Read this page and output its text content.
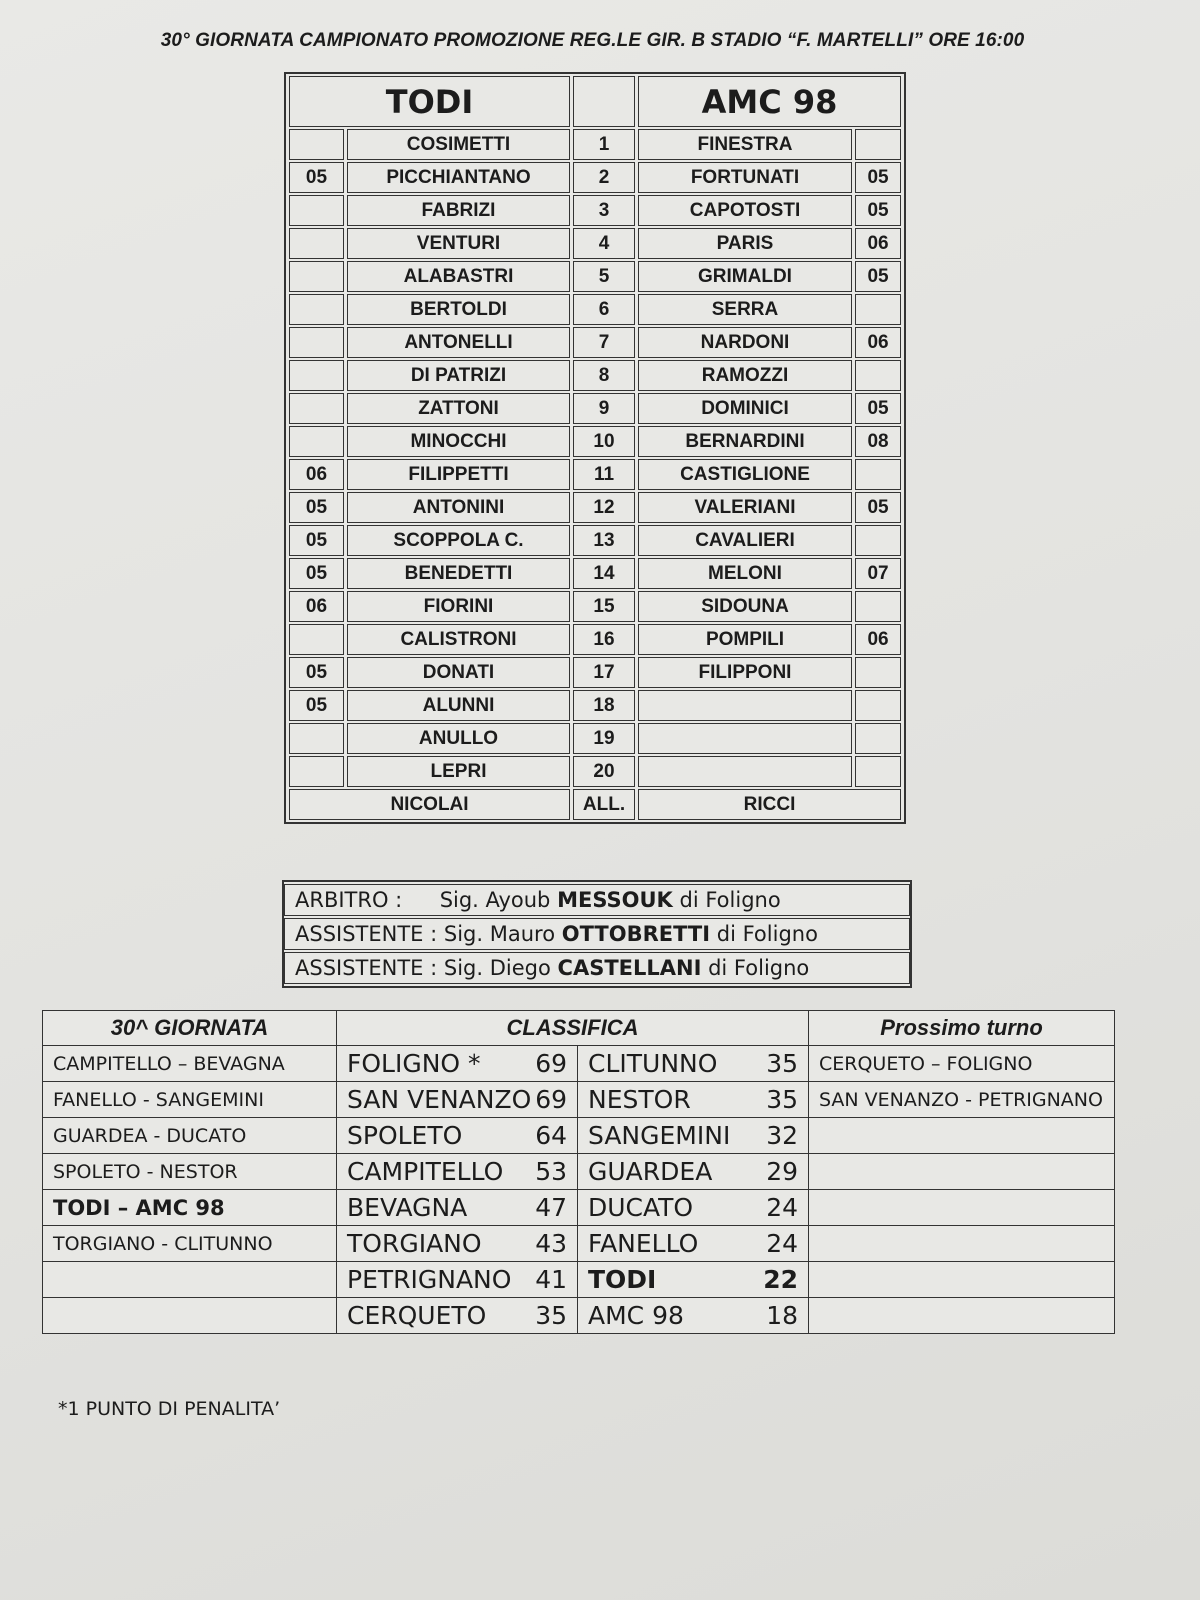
30° GIORNATA CAMPIONATO PROMOZIONE REG.LE GIR. B STADIO “F. MARTELLI” ORE 16:00
TODI			AMC 98	
	COSIMETTI	1	FINESTRA	
05	PICCHIANTANO	2	FORTUNATI	05
	FABRIZI	3	CAPOTOSTI	05
	VENTURI	4	PARIS	06
	ALABASTRI	5	GRIMALDI	05
	BERTOLDI	6	SERRA	
	ANTONELLI	7	NARDONI	06
	DI PATRIZI	8	RAMOZZI	
	ZATTONI	9	DOMINICI	05
	MINOCCHI	10	BERNARDINI	08
06	FILIPPETTI	11	CASTIGLIONE	
05	ANTONINI	12	VALERIANI	05
05	SCOPPOLA C.	13	CAVALIERI	
05	BENEDETTI	14	MELONI	07
06	FIORINI	15	SIDOUNA	
	CALISTRONI	16	POMPILI	06
05	DONATI	17	FILIPPONI	
05	ALUNNI	18		
	ANULLO	19		
	LEPRI	20		
NICOLAI		ALL.	RICCI	
ARBITRO : Sig. Ayoub MESSOUK di Foligno
ASSISTENTE : Sig. Mauro OTTOBRETTI di Foligno
ASSISTENTE : Sig. Diego CASTELLANI di Foligno
30^ GIORNATA	CLASSIFICA		Prossimo turno
CAMPITELLO – BEVAGNA	FOLIGNO * 69	CLITUNNO 35	CERQUETO – FOLIGNO
FANELLO - SANGEMINI	SAN VENANZO 69	NESTOR 35	SAN VENANZO - PETRIGNANO
GUARDEA - DUCATO	SPOLETO 64	SANGEMINI 32	

SPOLETO - NESTOR	CAMPITELLO 53	GUARDEA 29	

TODI – AMC 98	BEVAGNA 47	DUCATO 24	

TORGIANO - CLITUNNO	TORGIANO 43	FANELLO 24	

	PETRIGNANO 41	TODI 22	

	CERQUETO 35	AMC 98 18	

*1 PUNTO DI PENALITA’
